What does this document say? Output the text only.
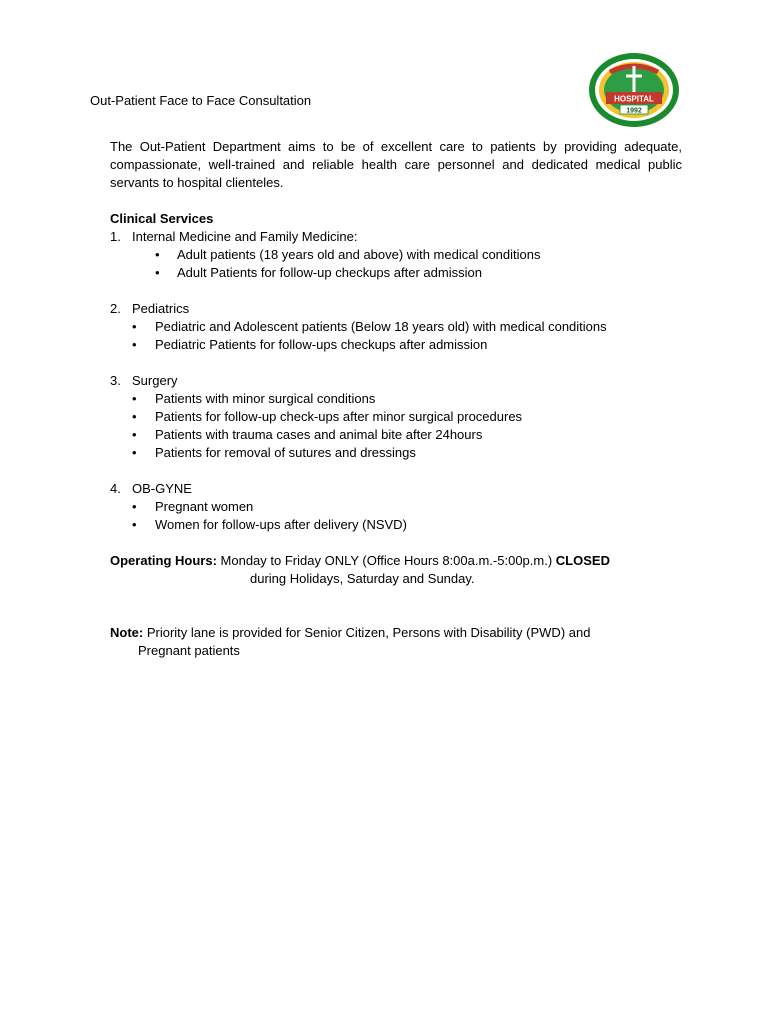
Out-Patient Face to Face Consultation	HOSPITAL
1992

The Out-Patient Department aims to be of excellent care to patients by providing adequate, compassionate, well-trained and reliable health care personnel and dedicated medical public servants to hospital clienteles.

Clinical Services
1. Internal Medicine and Family Medicine:
• Adult patients (18 years old and above) with medical conditions
• Adult Patients for follow-up checkups after admission
2. Pediatrics
• Pediatric and Adolescent patients (Below 18 years old) with medical conditions
• Pediatric Patients for follow-ups checkups after admission
3. Surgery
• Patients with minor surgical conditions
• Patients for follow-up check-ups after minor surgical procedures
• Patients with trauma cases and animal bite after 24hours
• Patients for removal of sutures and dressings
4. OB-GYNE
• Pregnant women
• Women for follow-ups after delivery (NSVD)
Operating Hours: Monday to Friday ONLY (Office Hours 8:00a.m.-5:00p.m.) CLOSED
during Holidays, Saturday and Sunday.
Note: Priority lane is provided for Senior Citizen, Persons with Disability (PWD) and
Pregnant patients
